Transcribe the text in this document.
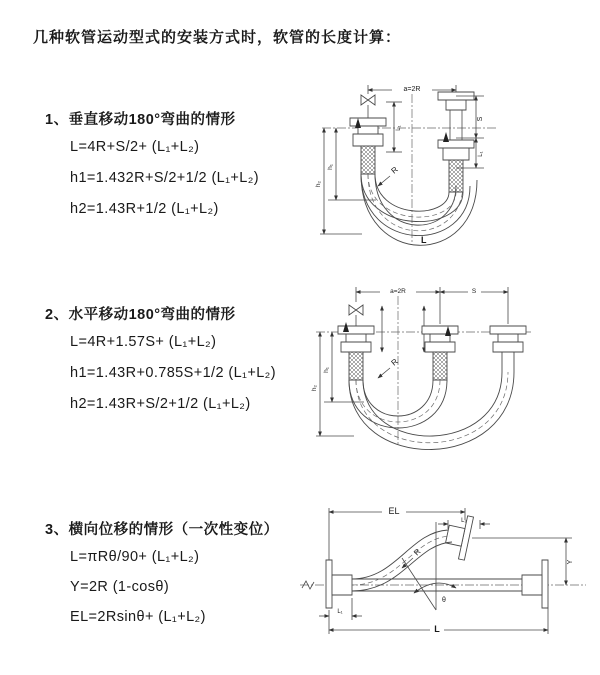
几种软管运动型式的安装方式时，软管的长度计算：
1、垂直移动180°弯曲的情形
L=4R+S/2+ (L₁+L₂)
h1=1.432R+S/2+1/2 (L₁+L₂)
h2=1.43R+1/2 (L₁+L₂)
2、水平移动180°弯曲的情形
L=4R+1.57S+ (L₁+L₂)
h1=1.43R+0.785S+1/2 (L₁+L₂)
h2=1.43R+S/2+1/2 (L₁+L₂)
3、横向位移的情形（一次性变位）
L=πRθ/90+ (L₁+L₂)
Y=2R (1-cosθ)
EL=2Rsinθ+ (L₁+L₂)
a=2R
S
L₁
L₁
h₂
h₁	R
L
a=2R	S
h₂
h₁
R
EL
L₂
Y
R
θ
L₁
L
